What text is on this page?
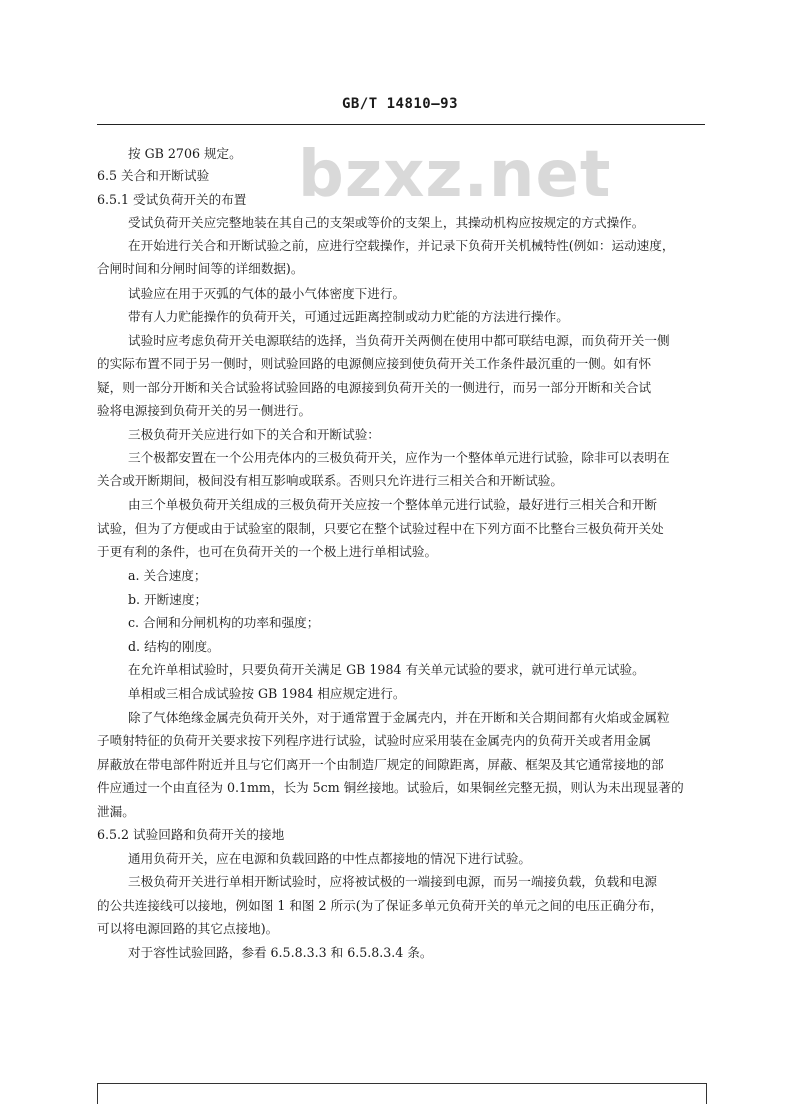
GB/T 14810—93
bzxz.net
按 GB 2706 规定。
6.5 关合和开断试验
6.5.1 受试负荷开关的布置
受试负荷开关应完整地装在其自己的支架或等价的支架上，其操动机构应按规定的方式操作。
在开始进行关合和开断试验之前，应进行空载操作，并记录下负荷开关机械特性(例如：运动速度，
合闸时间和分闸时间等的详细数据)。
试验应在用于灭弧的气体的最小气体密度下进行。
带有人力贮能操作的负荷开关，可通过远距离控制或动力贮能的方法进行操作。
试验时应考虑负荷开关电源联结的选择，当负荷开关两侧在使用中都可联结电源，而负荷开关一侧
的实际布置不同于另一侧时，则试验回路的电源侧应接到使负荷开关工作条件最沉重的一侧。如有怀
疑，则一部分开断和关合试验将试验回路的电源接到负荷开关的一侧进行，而另一部分开断和关合试
验将电源接到负荷开关的另一侧进行。
三极负荷开关应进行如下的关合和开断试验：
三个极都安置在一个公用壳体内的三极负荷开关，应作为一个整体单元进行试验，除非可以表明在
关合或开断期间，极间没有相互影响或联系。否则只允许进行三相关合和开断试验。
由三个单极负荷开关组成的三极负荷开关应按一个整体单元进行试验，最好进行三相关合和开断
试验，但为了方便或由于试验室的限制，只要它在整个试验过程中在下列方面不比整台三极负荷开关处
于更有利的条件，也可在负荷开关的一个极上进行单相试验。
a. 关合速度；
b. 开断速度；
c. 合闸和分闸机构的功率和强度；
d. 结构的刚度。
在允许单相试验时，只要负荷开关满足 GB 1984 有关单元试验的要求，就可进行单元试验。
单相或三相合成试验按 GB 1984 相应规定进行。
除了气体绝缘金属壳负荷开关外，对于通常置于金属壳内，并在开断和关合期间都有火焰或金属粒
子喷射特征的负荷开关要求按下列程序进行试验，试验时应采用装在金属壳内的负荷开关或者用金属
屏蔽放在带电部件附近并且与它们离开一个由制造厂规定的间隙距离，屏蔽、框架及其它通常接地的部
件应通过一个由直径为 0.1mm，长为 5cm 铜丝接地。试验后，如果铜丝完整无损，则认为未出现显著的
泄漏。
6.5.2 试验回路和负荷开关的接地
通用负荷开关，应在电源和负载回路的中性点都接地的情况下进行试验。
三极负荷开关进行单相开断试验时，应将被试极的一端接到电源，而另一端接负载，负载和电源
的公共连接线可以接地，例如图 1 和图 2 所示(为了保证多单元负荷开关的单元之间的电压正确分布，
可以将电源回路的其它点接地)。
对于容性试验回路，参看 6.5.8.3.3 和 6.5.8.3.4 条。
